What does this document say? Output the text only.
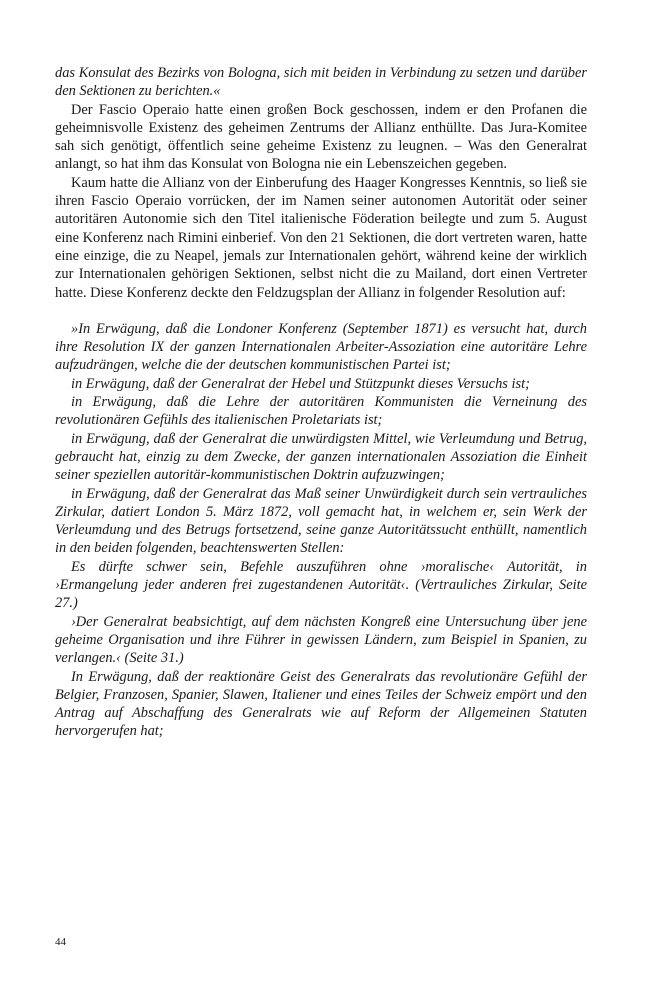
das Konsulat des Bezirks von Bologna, sich mit beiden in Verbindung zu setzen und darüber den Sektionen zu berichten.«

Der Fascio Operaio hatte einen großen Bock geschossen, indem er den Profanen die geheimnisvolle Existenz des geheimen Zentrums der Allianz enthüllte. Das Jura-Komitee sah sich genötigt, öffentlich seine geheime Existenz zu leugnen. – Was den Generalrat anlangt, so hat ihm das Konsulat von Bologna nie ein Lebenszeichen gegeben.

Kaum hatte die Allianz von der Einberufung des Haager Kongresses Kenntnis, so ließ sie ihren Fascio Operaio vorrücken, der im Namen seiner autonomen Autorität oder seiner autoritären Autonomie sich den Titel italienische Föderation beilegte und zum 5. August eine Konferenz nach Rimini einberief. Von den 21 Sektionen, die dort vertreten waren, hatte eine einzige, die zu Neapel, jemals zur Internationalen gehört, während keine der wirklich zur Internationalen gehörigen Sektionen, selbst nicht die zu Mailand, dort einen Vertreter hatte. Diese Konferenz deckte den Feldzugsplan der Allianz in folgender Resolution auf:

»In Erwägung, daß die Londoner Konferenz (September 1871) es versucht hat, durch ihre Resolution IX der ganzen Internationalen Arbeiter-Assoziation eine autoritäre Lehre aufzudrängen, welche die der deutschen kommunistischen Partei ist;

in Erwägung, daß der Generalrat der Hebel und Stützpunkt dieses Versuchs ist;

in Erwägung, daß die Lehre der autoritären Kommunisten die Verneinung des revolutionären Gefühls des italienischen Proletariats ist;

in Erwägung, daß der Generalrat die unwürdigsten Mittel, wie Verleumdung und Betrug, gebraucht hat, einzig zu dem Zwecke, der ganzen internationalen Assoziation die Einheit seiner speziellen autoritär-kommunistischen Doktrin aufzuzwingen;

in Erwägung, daß der Generalrat das Maß seiner Unwürdigkeit durch sein vertrauliches Zirkular, datiert London 5. März 1872, voll gemacht hat, in welchem er, sein Werk der Verleumdung und des Betrugs fortsetzend, seine ganze Autoritätssucht enthüllt, namentlich in den beiden folgenden, beachtenswerten Stellen:

Es dürfte schwer sein, Befehle auszuführen ohne ›moralische‹ Autorität, in ›Ermangelung jeder anderen frei zugestandenen Autorität‹. (Vertrauliches Zirkular, Seite 27.)

›Der Generalrat beabsichtigt, auf dem nächsten Kongreß eine Untersuchung über jene geheime Organisation und ihre Führer in gewissen Ländern, zum Beispiel in Spanien, zu verlangen.‹ (Seite 31.)

In Erwägung, daß der reaktionäre Geist des Generalrats das revolutionäre Gefühl der Belgier, Franzosen, Spanier, Slawen, Italiener und eines Teiles der Schweiz empört und den Antrag auf Abschaffung des Generalrats wie auf Reform der Allgemeinen Statuten hervorgerufen hat;

44
